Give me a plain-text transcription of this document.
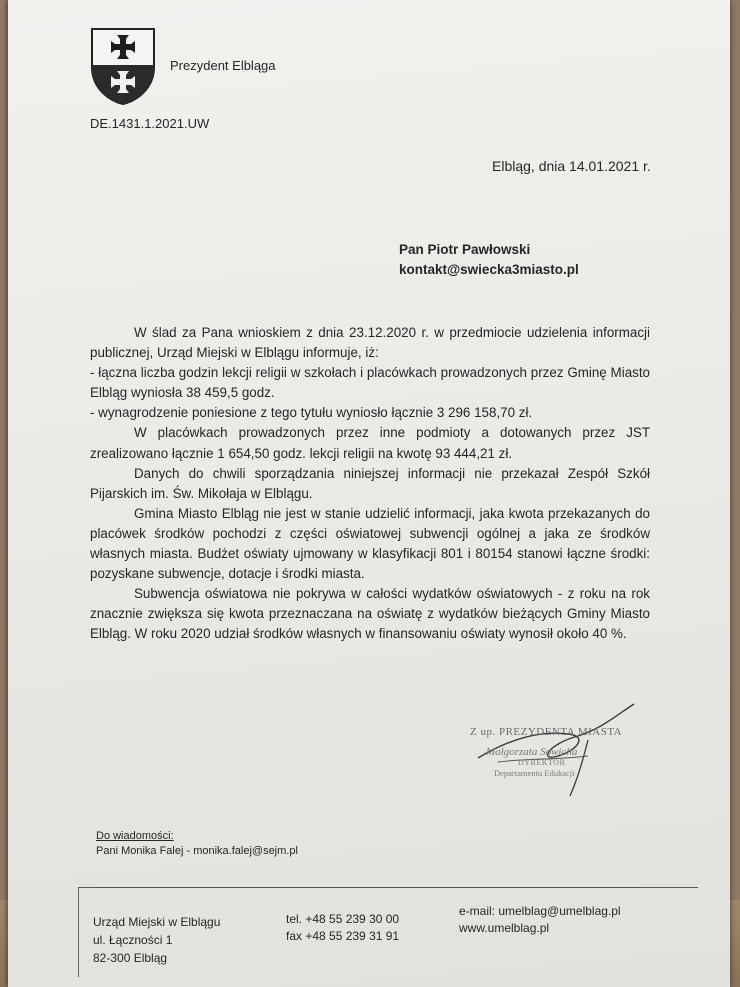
Prezydent Elbląga
DE.1431.1.2021.UW
Elbląg, dnia 14.01.2021 r.
Pan Piotr Pawłowski
kontakt@swiecka3miasto.pl

W ślad za Pana wnioskiem z dnia 23.12.2020 r. w przedmiocie udzielenia informacji publicznej, Urząd Miejski w Elblągu informuje, iż:

- łączna liczba godzin lekcji religii w szkołach i placówkach prowadzonych przez Gminę Miasto Elbląg wyniosła 38 459,5 godz.

- wynagrodzenie poniesione z tego tytułu wyniosło łącznie 3 296 158,70 zł.

W placówkach prowadzonych przez inne podmioty a dotowanych przez JST zrealizowano łącznie 1 654,50 godz. lekcji religii na kwotę 93 444,21 zł.

Danych do chwili sporządzania niniejszej informacji nie przekazał Zespół Szkół Pijarskich im. Św. Mikołaja w Elblągu.

Gmina Miasto Elbląg nie jest w stanie udzielić informacji, jaka kwota przekazanych do placówek środków pochodzi z części oświatowej subwencji ogólnej a jaka ze środków własnych miasta. Budżet oświaty ujmowany w klasyfikacji 801 i 80154 stanowi łączne środki: pozyskane subwencje, dotacje i środki miasta.

Subwencja oświatowa nie pokrywa w całości wydatków oświatowych - z roku na rok znacznie zwiększa się kwota przeznaczana na oświatę z wydatków bieżących Gminy Miasto Elbląg. W roku 2020 udział środków własnych w finansowaniu oświaty wynosił około 40 %.

Z up. PREZYDENTA MIASTA
Małgorzata Sowicha
DYREKTOR
Departamentu Edukacji
Do wiadomości:
Pani Monika Falej - monika.falej@sejm.pl
Urząd Miejski w Elblągu
ul. Łączności 1
82-300 Elbląg
tel. +48 55 239 30 00
fax +48 55 239 31 91
e-mail: umelblag@umelblag.pl
www.umelblag.pl
